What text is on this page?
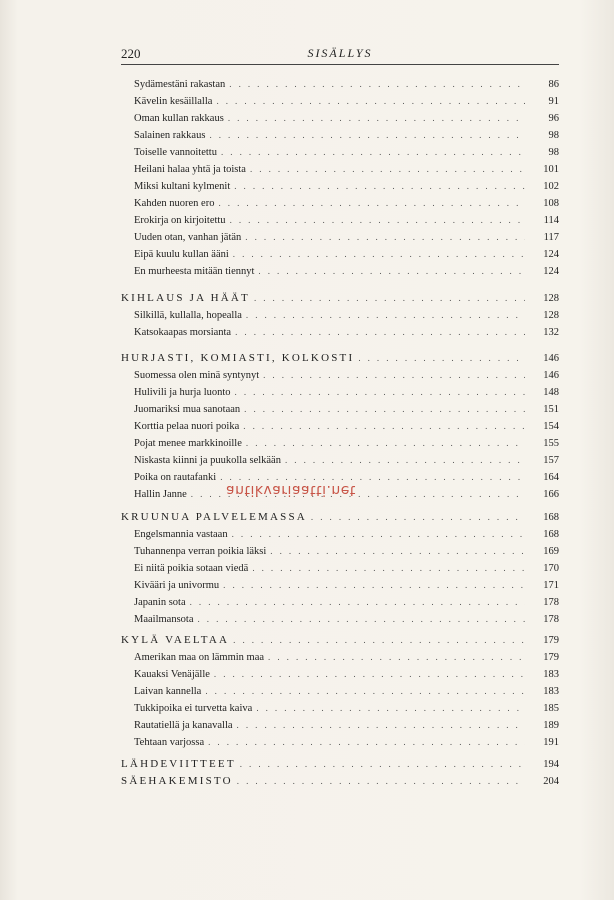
220	SISÄLLYS
Sydämestäni rakastan . . .	86
Kävelin kesäillalla . . .	91
Oman kullan rakkaus . . .	96
Salainen rakkaus . . .	98
Toiselle vannoitettu . . .	98
Heilani halaa yhtä ja toista . . .	101
Miksi kultani kylmenit . . .	102
Kahden nuoren ero . . .	108
Erokirja on kirjoitettu . . .	114
Uuden otan, vanhan jätän . . .	117
Eipä kuulu kullan ääni . . .	124
En murheesta mitään tiennyt . . .	124
KIHLAUS JA HÄÄT . . .	128
Silkillä, kullalla, hopealla . . .	128
Katsokaapas morsianta . . .	132
HURJASTI, KOMIASTI, KOLKOSTI . . .	146
Suomessa olen minä syntynyt . . .	146
Hulivili ja hurja luonto . . .	148
Juomariksi mua sanotaan . . .	151
Korttia pelaa nuori poika . . .	154
Pojat menee markkinoille . . .	155
Niskasta kiinni ja puukolla selkään . . .	157
Poika on rautafanki . . .	164
Hallin Janne . . .	166
KRUUNUA PALVELEMASSA . . .	168
Engelsmannia vastaan . . .	168
Tuhannenpa verran poikia läksi . . .	169
Ei niitä poikia sotaan viedä . . .	170
Kivääri ja univormu . . .	171
Japanin sota . . .	178
Maailmansota . . .	178
KYLÄ VAELTAA . . .	179
Amerikan maa on lämmin maa . . .	179
Kauaksi Venäjälle . . .	183
Laivan kannella . . .	183
Tukkipoika ei turvetta kaiva . . .	185
Rautatiellä ja kanavalla . . .	189
Tehtaan varjossa . . .	191
LÄHDEVIITTEET . . .	194
SÄEHAKEMISTO . . .	204
antikvariaatti.net
